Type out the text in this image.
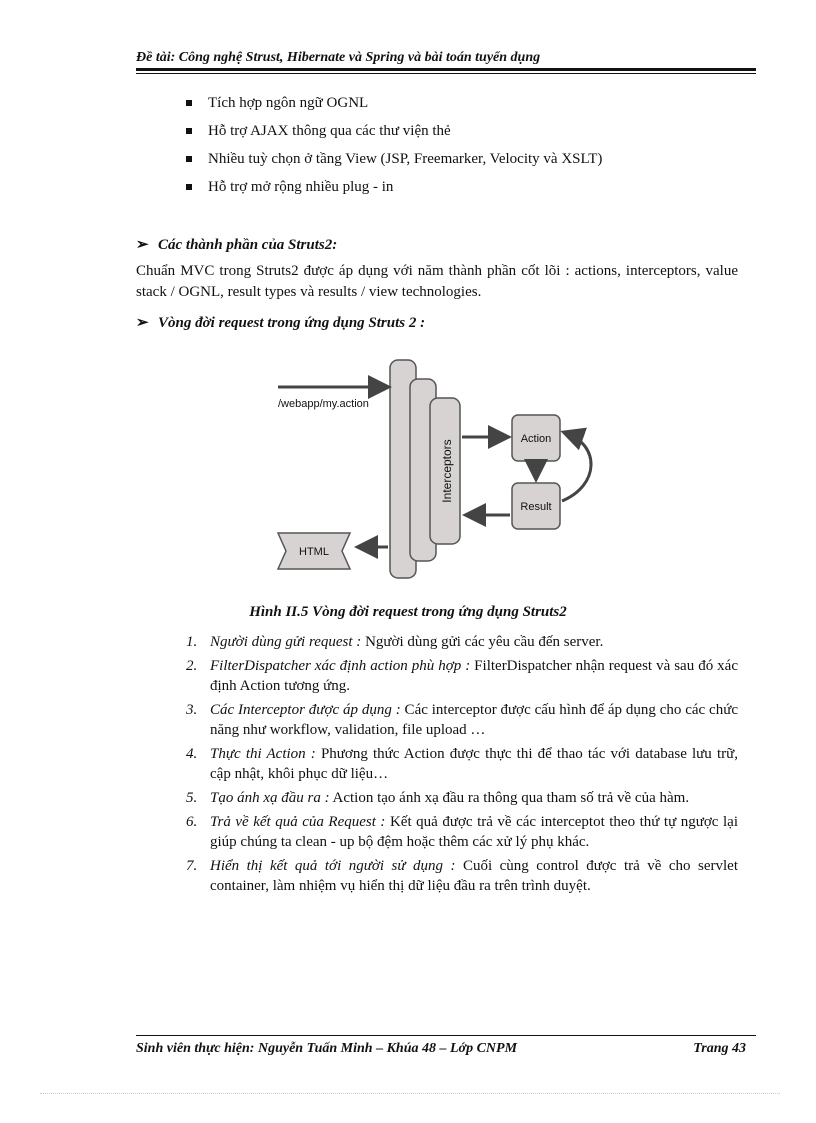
Đề tài: Công nghệ Strust, Hibernate và Spring và bài toán tuyển dụng
Tích hợp ngôn ngữ OGNL
Hỗ trợ AJAX thông qua các thư viện thẻ
Nhiều tuỳ chọn ở tầng View (JSP, Freemarker, Velocity và XSLT)
Hỗ trợ mở rộng nhiều plug - in
➢ Các thành phần của Struts2:

Chuẩn MVC trong Struts2 được áp dụng với năm thành phần cốt lõi : actions, interceptors, value stack / OGNL, result types và results / view technologies.

➢ Vòng đời request trong ứng dụng Struts 2 :
Interceptors
/webapp/my.action
Action
Result
HTML
Hình II.5 Vòng đời request trong ứng dụng Struts2
1. Người dùng gửi request : Người dùng gửi các yêu cầu đến server.
2. FilterDispatcher xác định action phù hợp : FilterDispatcher nhận request và sau đó xác định Action tương ứng.
3. Các Interceptor được áp dụng : Các interceptor được cấu hình để áp dụng cho các chức năng như workflow, validation, file upload …
4. Thực thi Action : Phương thức Action được thực thi để thao tác với database lưu trữ, cập nhật, khôi phục dữ liệu…
5. Tạo ánh xạ đầu ra : Action tạo ánh xạ đầu ra thông qua tham số trả về của hàm.
6. Trả về kết quả của Request : Kết quả được trả về các interceptot theo thứ tự ngược lại giúp chúng ta clean - up bộ đệm hoặc thêm các xử lý phụ khác.
7. Hiển thị kết quả tới người sử dụng : Cuối cùng control được trả về cho servlet container, làm nhiệm vụ hiển thị dữ liệu đầu ra trên trình duyệt.
Sinh viên thực hiện: Nguyễn Tuấn Minh – Khúa 48 – Lớp CNPM	Trang 43
